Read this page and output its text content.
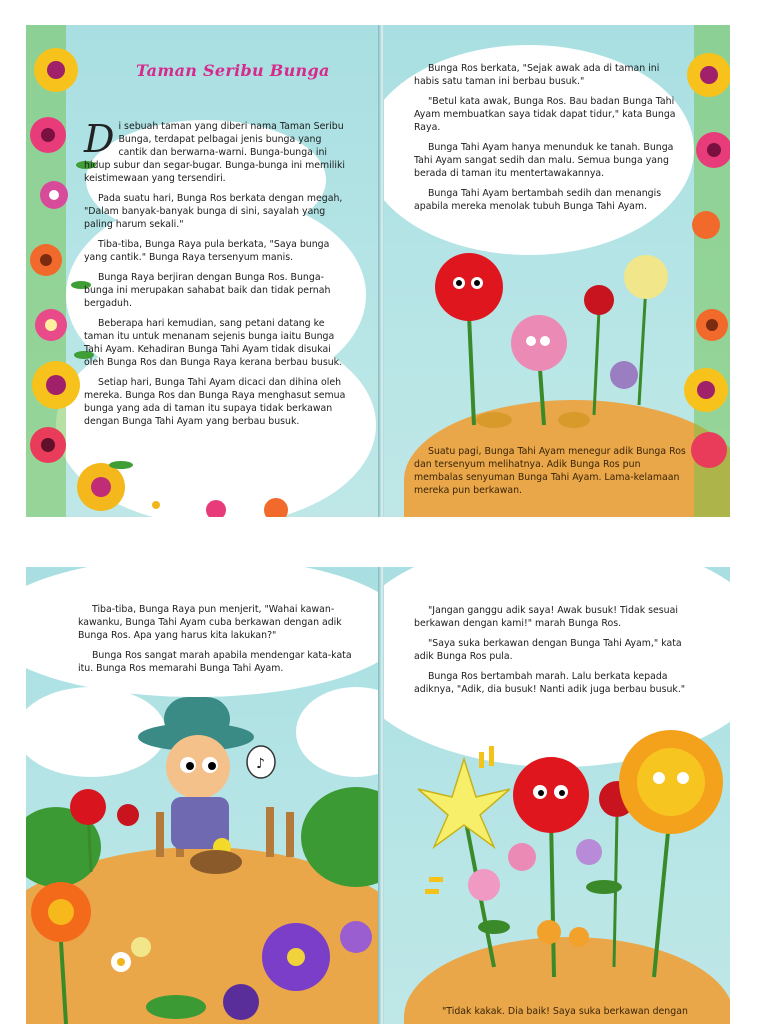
Taman Seribu Bunga

Di sebuah taman yang diberi nama Taman Seribu Bunga, terdapat pelbagai jenis bunga yang cantik dan berwarna-warni. Bunga-bunga ini hidup subur dan segar-bugar. Bunga-bunga ini memiliki keistimewaan yang tersendiri.

Pada suatu hari, Bunga Ros berkata dengan megah, "Dalam banyak-banyak bunga di sini, sayalah yang paling harum sekali."

Tiba-tiba, Bunga Raya pula berkata, "Saya bunga yang cantik." Bunga Raya tersenyum manis.

Bunga Raya berjiran dengan Bunga Ros. Bunga-bunga ini merupakan sahabat baik dan tidak pernah bergaduh.

Beberapa hari kemudian, sang petani datang ke taman itu untuk menanam sejenis bunga iaitu Bunga Tahi Ayam. Kehadiran Bunga Tahi Ayam tidak disukai oleh Bunga Ros dan Bunga Raya kerana berbau busuk.

Setiap hari, Bunga Tahi Ayam dicaci dan dihina oleh mereka. Bunga Ros dan Bunga Raya menghasut semua bunga yang ada di taman itu supaya tidak berkawan dengan Bunga Tahi Ayam yang berbau busuk.

Bunga Ros berkata, "Sejak awak ada di taman ini habis satu taman ini berbau busuk."

"Betul kata awak, Bunga Ros. Bau badan Bunga Tahi Ayam membuatkan saya tidak dapat tidur," kata Bunga Raya.

Bunga Tahi Ayam hanya menunduk ke tanah. Bunga Tahi Ayam sangat sedih dan malu. Semua bunga yang berada di taman itu mentertawakannya.

Bunga Tahi Ayam bertambah sedih dan menangis apabila mereka menolak tubuh Bunga Tahi Ayam.

Suatu pagi, Bunga Tahi Ayam menegur adik Bunga Ros dan tersenyum melihatnya. Adik Bunga Ros pun membalas senyuman Bunga Tahi Ayam. Lama-kelamaan mereka pun berkawan.

♪

Tiba-tiba, Bunga Raya pun menjerit, "Wahai kawan-kawanku, Bunga Tahi Ayam cuba berkawan dengan adik Bunga Ros. Apa yang harus kita lakukan?"

Bunga Ros sangat marah apabila mendengar kata-kata itu. Bunga Ros memarahi Bunga Tahi Ayam.

"Jangan ganggu adik saya! Awak busuk! Tidak sesuai berkawan dengan kami!" marah Bunga Ros.

"Saya suka berkawan dengan Bunga Tahi Ayam," kata adik Bunga Ros pula.

Bunga Ros bertambah marah. Lalu berkata kepada adiknya, "Adik, dia busuk! Nanti adik juga berbau busuk."

"Tidak kakak. Dia baik! Saya suka berkawan dengan
